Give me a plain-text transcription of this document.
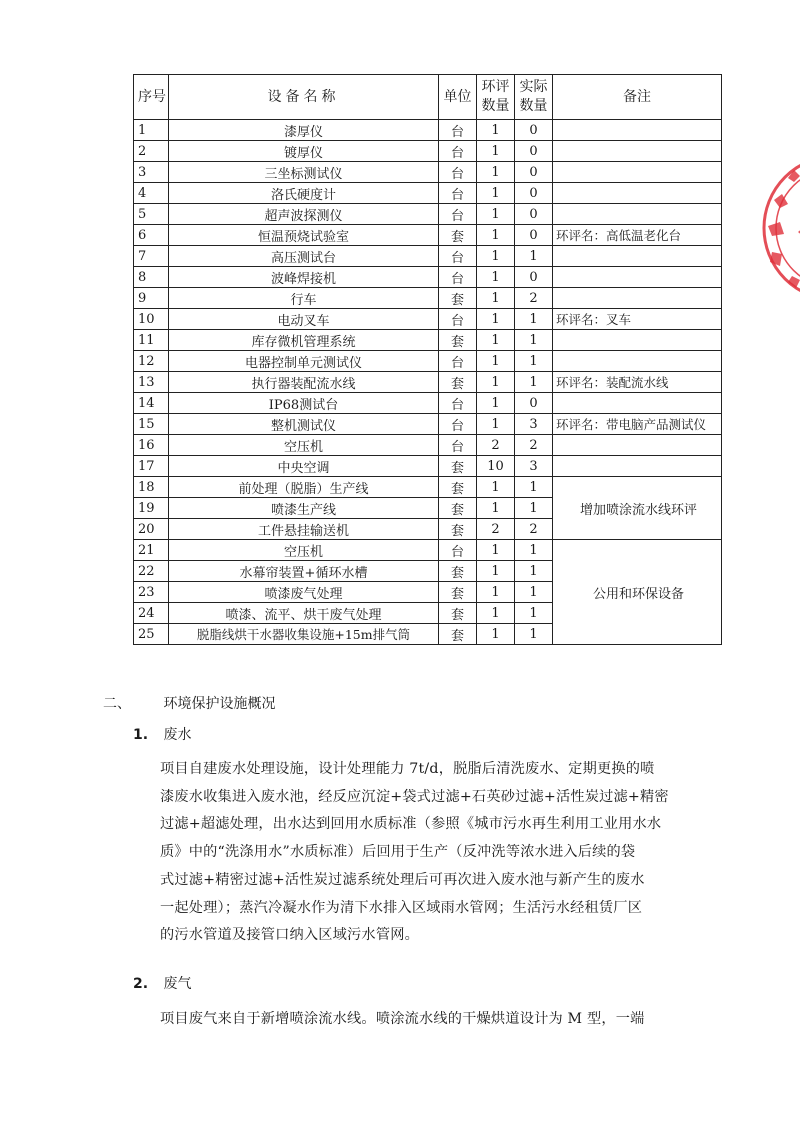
序号	设备名称	单位	环评数量	实际数量	备注
1	漆厚仪	台	1	0	
2	镀厚仪	台	1	0	
3	三坐标测试仪	台	1	0	
4	洛氏硬度计	台	1	0	
5	超声波探测仪	台	1	0	
6	恒温预烧试验室	套	1	0	环评名：高低温老化台
7	高压测试台	台	1	1	
8	波峰焊接机	台	1	0	
9	行车	套	1	2	
10	电动叉车	台	1	1	环评名：叉车
11	库存微机管理系统	套	1	1	
12	电器控制单元测试仪	台	1	1	
13	执行器装配流水线	套	1	1	环评名：装配流水线
14	IP68测试台	台	1	0	
15	整机测试仪	台	1	3	环评名：带电脑产品测试仪
16	空压机	台	2	2	
17	中央空调	套	10	3	
18	前处理（脱脂）生产线	套	1	1	增加喷涂流水线环评
19	喷漆生产线	套	1	1	
20	工件悬挂输送机	套	2	2	
21	空压机	台	1	1	公用和环保设备
22	水幕帘装置+循环水槽	套	1	1	
23	喷漆废气处理	套	1	1	
24	喷漆、流平、烘干废气处理	套	1	1	
25	脱脂线烘干水器收集设施+15m排气筒	套	1	1	
二、 环境保护设施概况
1. 废水
项目自建废水处理设施，设计处理能力 7t/d，脱脂后清洗废水、定期更换的喷
漆废水收集进入废水池，经反应沉淀+袋式过滤+石英砂过滤+活性炭过滤+精密
过滤+超滤处理，出水达到回用水质标准（参照《城市污水再生利用工业用水水
质》中的“洗涤用水”水质标准）后回用于生产（反冲洗等浓水进入后续的袋
式过滤+精密过滤+活性炭过滤系统处理后可再次进入废水池与新产生的废水
一起处理）；蒸汽冷凝水作为清下水排入区域雨水管网；生活污水经租赁厂区
的污水管道及接管口纳入区域污水管网。
2. 废气
项目废气来自于新增喷涂流水线。喷涂流水线的干燥烘道设计为 M 型，一端
